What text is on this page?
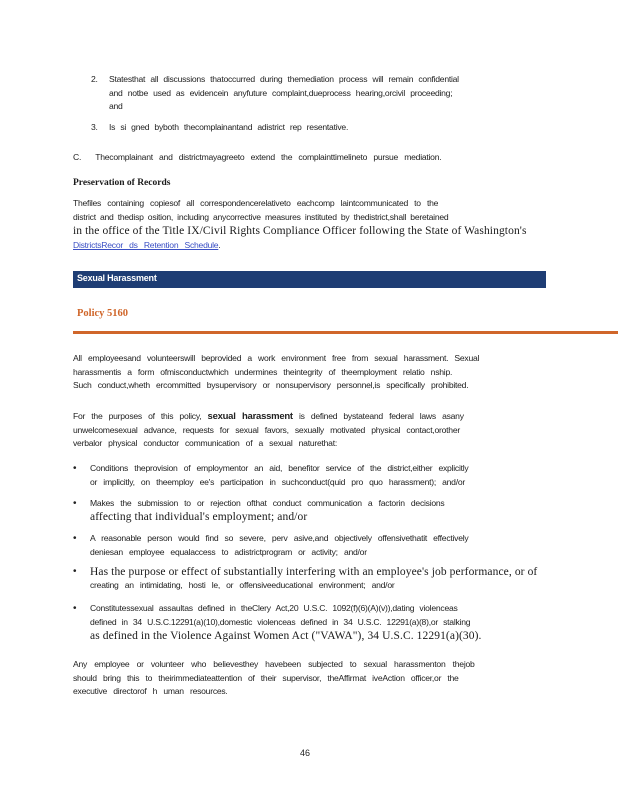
2.	Statesthat all discussions thatoccurred during themediation process will remain confidential
and notbe used as evidencein anyfuture complaint,dueprocess hearing,orcivil proceeding;
and
3.	Is si gned byboth thecomplainantand adistrict rep resentative.
C. Thecomplainant and districtmayagreeto extend the complainttimelineto pursue mediation.
Preservation of Records
Thefiles containing copiesof all correspondencerelativeto eachcomp laintcommunicated to the
district and thedisp osition, including anycorrective measures instituted by thedistrict,shall beretained
in the office of the Title IX/Civil Rights Compliance Officer following the State of Washington's
DistrictsRecor ds Retention Schedule.
Sexual Harassment
Policy 5160
All employeesand volunteerswill beprovided a work environment free from sexual harassment. Sexual
harassmentis a form ofmisconductwhich undermines theintegrity of theemployment relatio nship.
Such conduct,wheth ercommitted bysupervisory or nonsupervisory personnel,is specifically prohibited.
For the purposes of this policy, sexual harassment is defined bystateand federal laws asany
unwelcomesexual advance, requests for sexual favors, sexually motivated physical contact,orother
verbalor physical conductor communication of a sexual naturethat:
• Conditions theprovision of employmentor an aid, benefitor service of the district,either explicitly
or implicitly, on theemploy ee's participation in suchconduct(quid pro quo harassment); and/or
• Makes the submission to or rejection ofthat conduct communication a factorin decisions
affecting that individual's employment; and/or
• A reasonable person would find so severe, perv asive,and objectively offensivethatit effectively
deniesan employee equalaccess to adistrictprogram or activity; and/or
• Has the purpose or effect of substantially interfering with an employee's job performance, or of
creating an intimidating, hosti le, or offensiveeducational environment; and/or
• Constitutessexual assaultas defined in theClery Act,20 U.S.C. 1092(f)(6)(A)(v)),dating violenceas
defined in 34 U.S.C.12291(a)(10),domestic violenceas defined in 34 U.S.C. 12291(a)(8),or stalking
as defined in the Violence Against Women Act ("VAWA"), 34 U.S.C. 12291(a)(30).
Any employee or volunteer who believesthey havebeen subjected to sexual harassmenton thejob
should bring this to theirimmediateattention of their supervisor, theAffirmat iveAction officer,or the
executive directorof h uman resources.
46
